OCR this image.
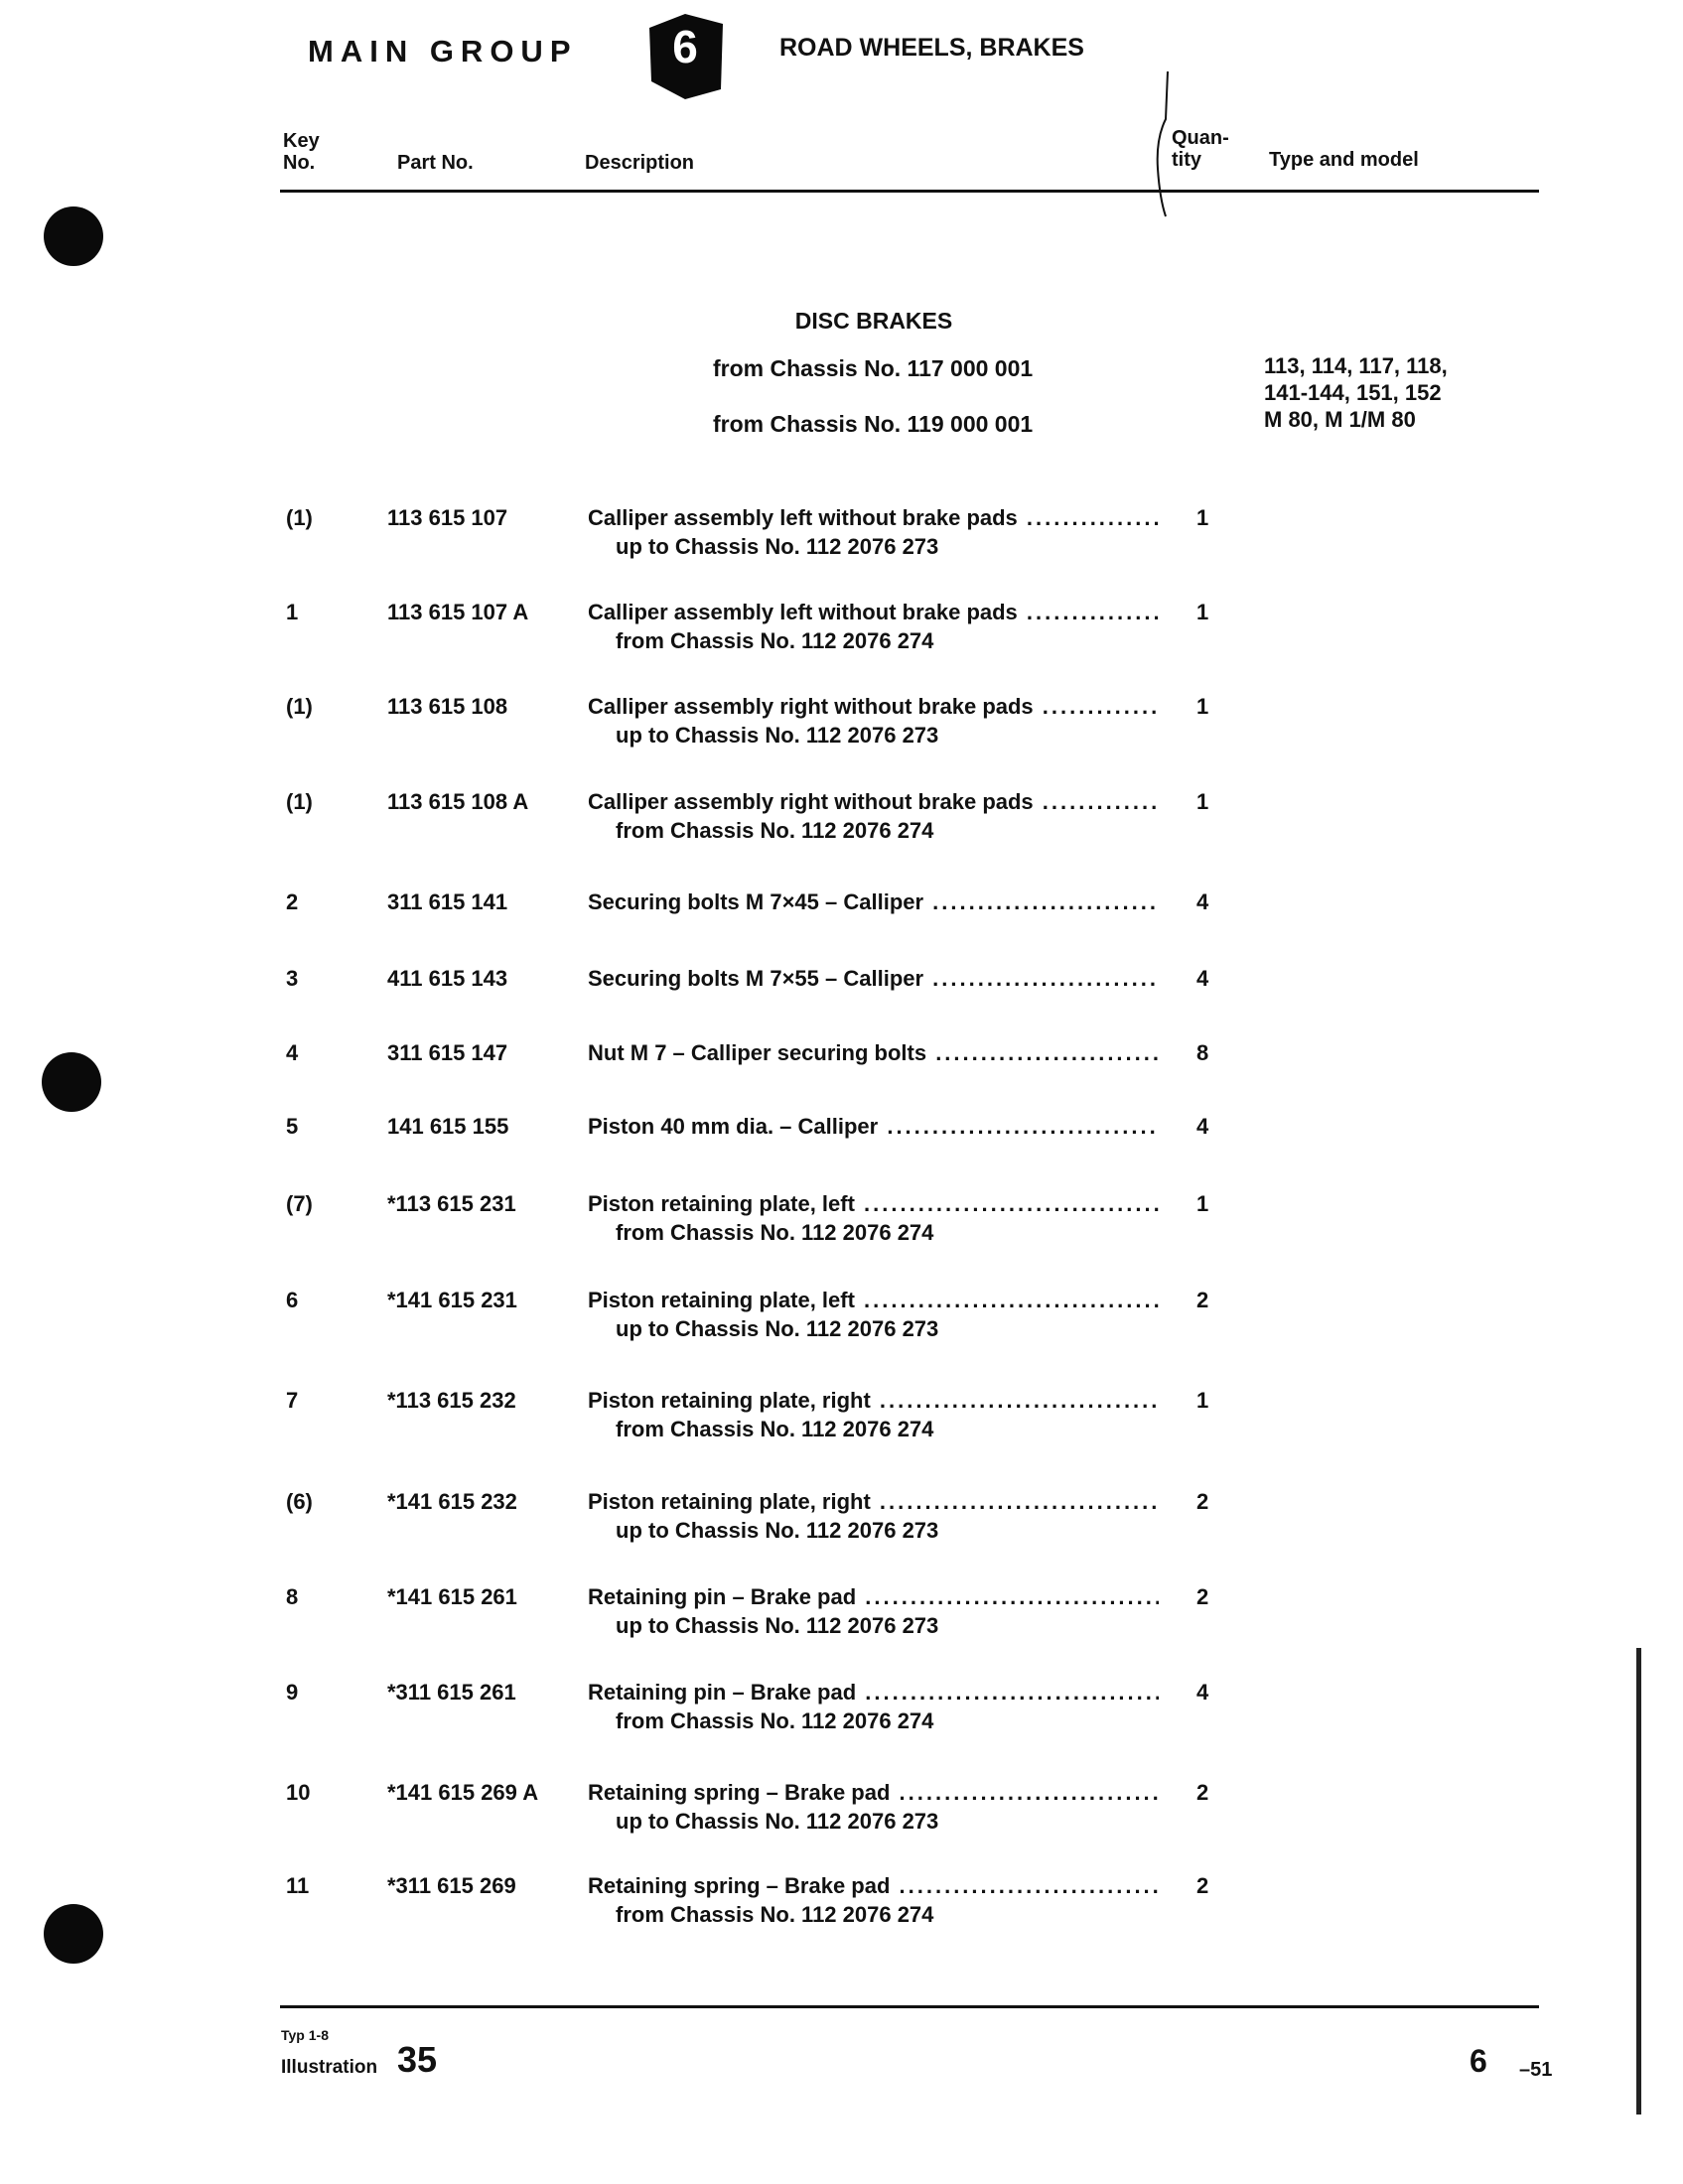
MAIN GROUP	6	ROAD WHEELS, BRAKES
Key
No.	Part No.	Description
Quan-
tity	Type and model
DISC BRAKES
from Chassis No. 117 000 001
from Chassis No. 119 000 001
113, 114, 117, 118,
141-144, 151, 152
M 80, M 1/M 80
(1)	113 615 107	Calliper assembly left without brake pads .....
up to Chassis No. 112 2076 273
1
1	113 615 107 A	Calliper assembly left without brake pads .....
from Chassis No. 112 2076 274
1
(1)	113 615 108	Calliper assembly right without brake pads .....
up to Chassis No. 112 2076 273
1
(1)	113 615 108 A	Calliper assembly right without brake pads .....
from Chassis No. 112 2076 274
1
2	311 615 141	Securing bolts M 7×45 – Calliper .....	4
3	411 615 143	Securing bolts M 7×55 – Calliper .....	4
4	311 615 147	Nut M 7 – Calliper securing bolts .....	8
5	141 615 155	Piston 40 mm dia. – Calliper .....	4
(7)	*113 615 231	Piston retaining plate, left .....
from Chassis No. 112 2076 274
1
6	*141 615 231	Piston retaining plate, left .....
up to Chassis No. 112 2076 273
2
7	*113 615 232	Piston retaining plate, right .....
from Chassis No. 112 2076 274
1
(6)	*141 615 232	Piston retaining plate, right .....
up to Chassis No. 112 2076 273
2
8	*141 615 261	Retaining pin – Brake pad .....
up to Chassis No. 112 2076 273
2
9	*311 615 261	Retaining pin – Brake pad .....
from Chassis No. 112 2076 274
4
10	*141 615 269 A Retaining spring – Brake pad .....
up to Chassis No. 112 2076 273
2
11	*311 615 269	Retaining spring – Brake pad .....
from Chassis No. 112 2076 274
2
Typ 1-8
Illustration 35	6 –51
